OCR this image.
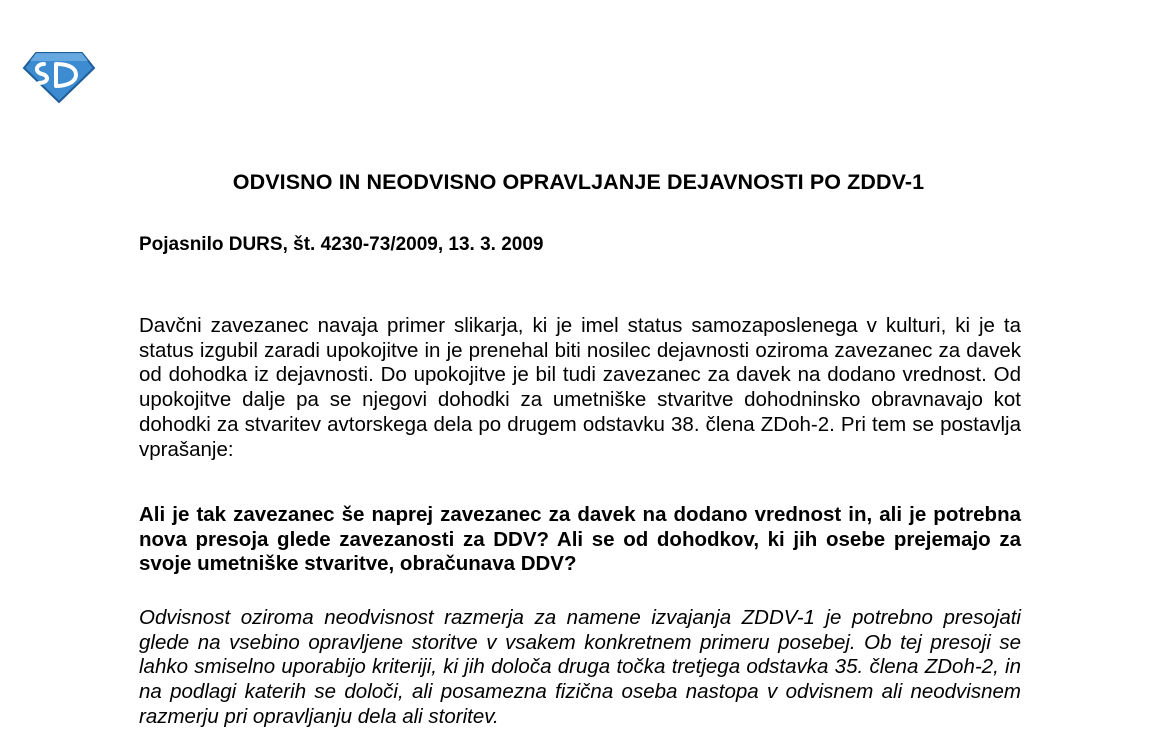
ODVISNO IN NEODVISNO OPRAVLJANJE DEJAVNOSTI PO ZDDV-1

Pojasnilo DURS, št. 4230-73/2009, 13. 3. 2009

Davčni zavezanec navaja primer slikarja, ki je imel status samozaposlenega v kulturi, ki je ta status izgubil zaradi upokojitve in je prenehal biti nosilec dejavnosti oziroma zavezanec za davek od dohodka iz dejavnosti. Do upokojitve je bil tudi zavezanec za davek na dodano vrednost. Od upokojitve dalje pa se njegovi dohodki za umetniške stvaritve dohodninsko obravnavajo kot dohodki za stvaritev avtorskega dela po drugem odstavku 38. člena ZDoh-2. Pri tem se postavlja vprašanje:

Ali je tak zavezanec še naprej zavezanec za davek na dodano vrednost in, ali je potrebna nova presoja glede zavezanosti za DDV? Ali se od dohodkov, ki jih osebe prejemajo za svoje umetniške stvaritve, obračunava DDV?

Odvisnost oziroma neodvisnost razmerja za namene izvajanja ZDDV-1 je potrebno presojati glede na vsebino opravljene storitve v vsakem konkretnem primeru posebej. Ob tej presoji se lahko smiselno uporabijo kriteriji, ki jih določa druga točka tretjega odstavka 35. člena ZDoh-2, in na podlagi katerih se določi, ali posamezna fizična oseba nastopa v odvisnem ali neodvisnem razmerju pri opravljanju dela ali storitev.
